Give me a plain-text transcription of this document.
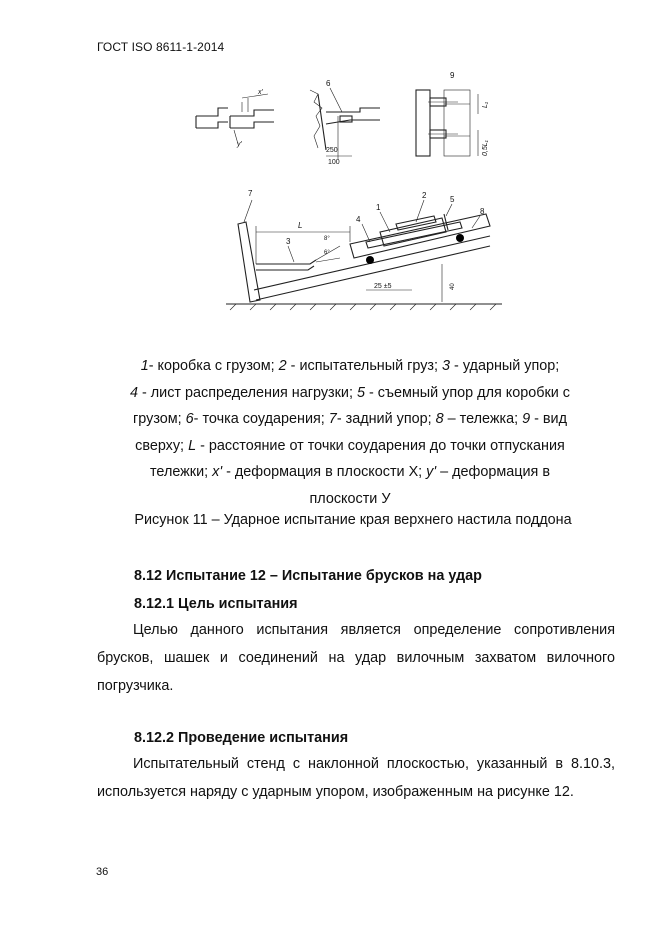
ГОСТ ISO 8611-1-2014
x'
y'
6
250
100
9
L₁
0,5L₁
7
8
4
1
2	5
3	8°
6°
L
25 ±5	40
1- коробка с грузом; 2 - испытательный груз; 3 - ударный упор;
4 - лист распределения нагрузки; 5 - съемный упор для коробки с
грузом; 6- точка соударения; 7- задний упор; 8 – тележка; 9 - вид
сверху; L - расстояние от точки соударения до точки отпускания
тележки; x' - деформация в плоскости Х; y' – деформация в
плоскости У
Рисунок 11 – Ударное испытание края верхнего настила поддона
8.12 Испытание 12 – Испытание брусков на удар
8.12.1 Цель испытания
Целью данного испытания является определение сопротивления брусков, шашек и соединений на удар вилочным захватом вилочного погрузчика.
8.12.2 Проведение испытания
Испытательный стенд с наклонной плоскостью, указанный в 8.10.3, используется наряду с ударным упором, изображенным на рисунке 12.
36
